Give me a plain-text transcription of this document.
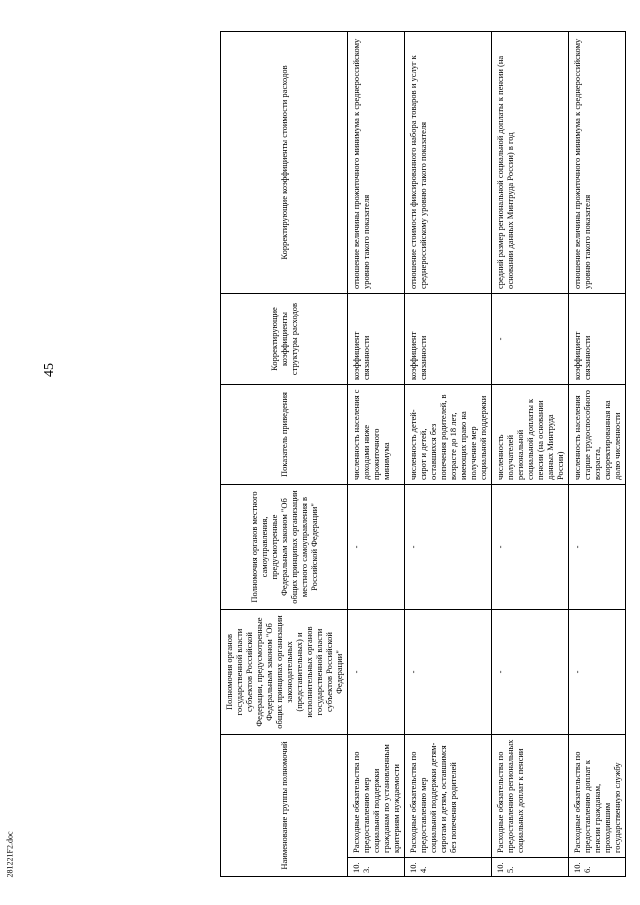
45
281221F2.doc	Наименование группы полномочий		Полномочия органов государственной власти субъектов Российской Федерации, предусмотренные Федеральным законом "Об общих принципах организации законодательных (представительных) и исполнительных органов государственной власти субъектов Российской Федерации"	Полномочия органов местного самоуправления, предусмотренные Федеральным законом "Об общих принципах организации местного самоуправления в Российской Федерации"	Показатель приведения	Корректирующие коэффициенты структуры расходов	Корректирующие коэффициенты стоимости расходов
10.3.	Расходные обязательства по предоставлению мер социальной поддержки гражданам по установленным критериям нуждаемости	-	-	численность населения с доходами ниже прожиточного минимума	коэффициент связанности	отношение величины прожиточного минимума к среднероссийскому уровню такого показателя
10.4.	Расходные обязательства по предоставлению мер социальной поддержки детям-сиротам и детям, оставшимся без попечения родителей	-	-	численность детей-сирот и детей, оставшихся без попечения родителей, в возрасте до 18 лет, имеющих право на получение мер социальной поддержки	коэффициент связанности	отношение стоимости фиксированного набора товаров и услуг к среднероссийскому уровню такого показателя
10.5.	Расходные обязательства по предоставлению региональных социальных доплат к пенсии	-	-	численность получателей региональной социальной доплаты к пенсии (на основании данных Минтруда России)	-	средний размер региональной социальной доплаты к пенсии (на основании данных Минтруда России) в год
10.6.	Расходные обязательства по предоставлению доплат к пенсии гражданам, проходившим государственную службу	-	-	численность населения старше трудоспособного возраста, скорректированная на долю численности	коэффициент связанности	отношение величины прожиточного минимума к среднероссийскому уровню такого показателя
